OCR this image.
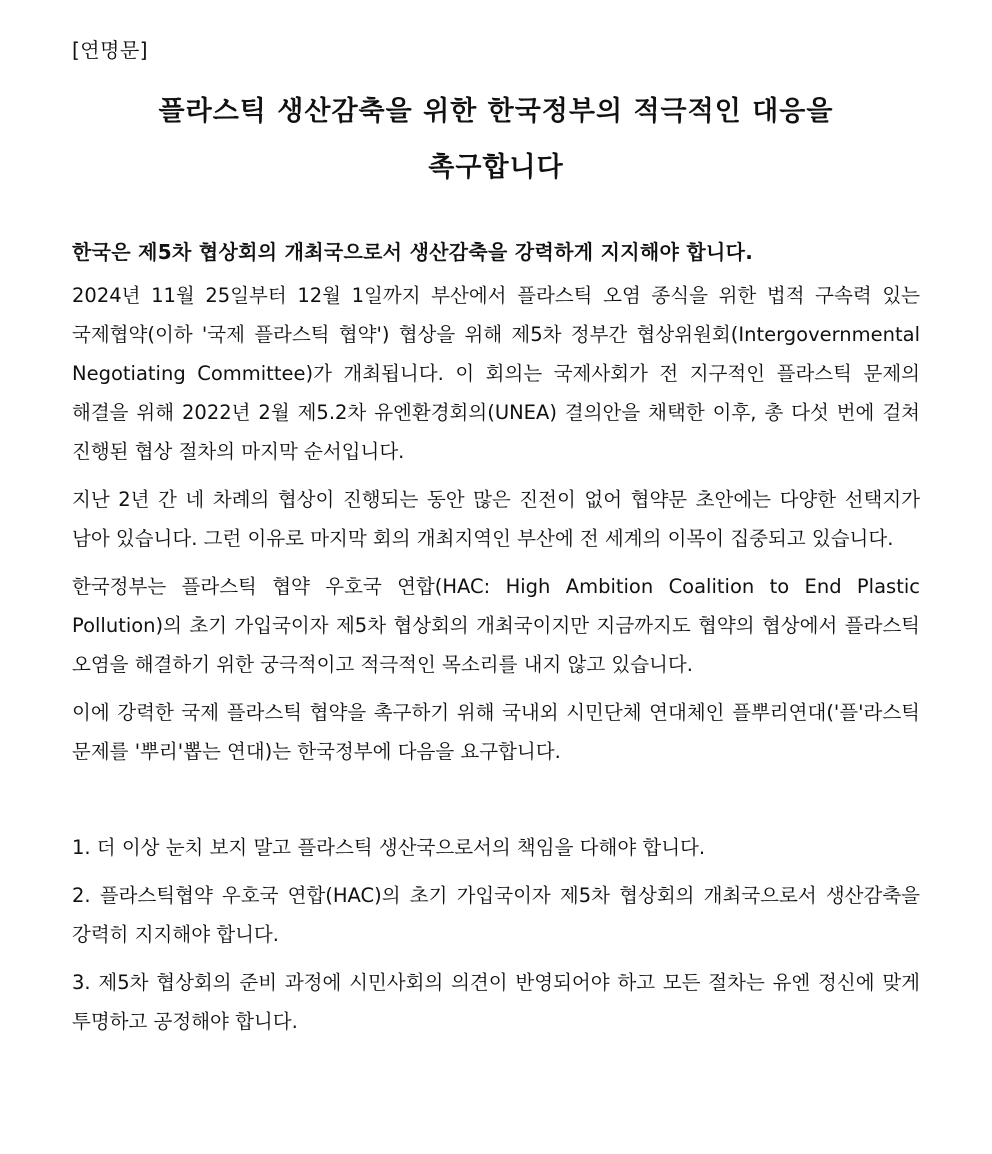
[연명문]
플라스틱 생산감축을 위한 한국정부의 적극적인 대응을
촉구합니다
한국은 제5차 협상회의 개최국으로서 생산감축을 강력하게 지지해야 합니다.

2024년 11월 25일부터 12월 1일까지 부산에서 플라스틱 오염 종식을 위한 법적 구속력 있는 국제협약(이하 '국제 플라스틱 협약') 협상을 위해 제5차 정부간 협상위원회(Intergovernmental Negotiating Committee)가 개최됩니다. 이 회의는 국제사회가 전 지구적인 플라스틱 문제의 해결을 위해 2022년 2월 제5.2차 유엔환경회의(UNEA) 결의안을 채택한 이후, 총 다섯 번에 걸쳐 진행된 협상 절차의 마지막 순서입니다.

지난 2년 간 네 차례의 협상이 진행되는 동안 많은 진전이 없어 협약문 초안에는 다양한 선택지가 남아 있습니다. 그런 이유로 마지막 회의 개최지역인 부산에 전 세계의 이목이 집중되고 있습니다.

한국정부는 플라스틱 협약 우호국 연합(HAC: High Ambition Coalition to End Plastic Pollution)의 초기 가입국이자 제5차 협상회의 개최국이지만 지금까지도 협약의 협상에서 플라스틱 오염을 해결하기 위한 궁극적이고 적극적인 목소리를 내지 않고 있습니다.

이에 강력한 국제 플라스틱 협약을 촉구하기 위해 국내외 시민단체 연대체인 플뿌리연대('플'라스틱 문제를 '뿌리'뽑는 연대)는 한국정부에 다음을 요구합니다.

1. 더 이상 눈치 보지 말고 플라스틱 생산국으로서의 책임을 다해야 합니다.
2. 플라스틱협약 우호국 연합(HAC)의 초기 가입국이자 제5차 협상회의 개최국으로서 생산감축을 강력히 지지해야 합니다.
3. 제5차 협상회의 준비 과정에 시민사회의 의견이 반영되어야 하고 모든 절차는 유엔 정신에 맞게 투명하고 공정해야 합니다.
